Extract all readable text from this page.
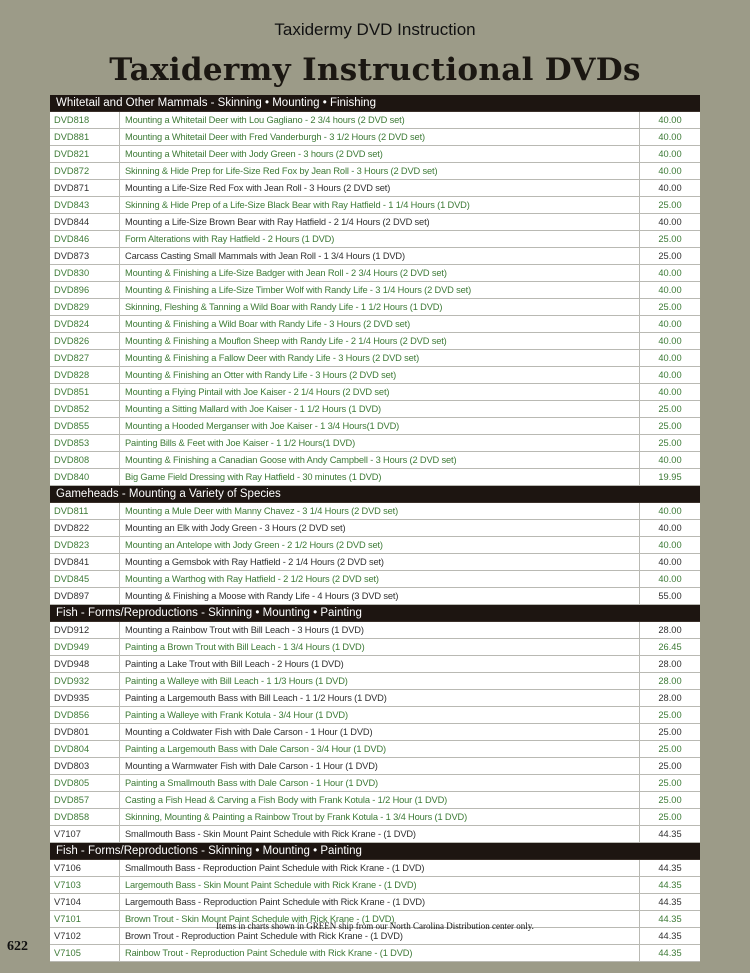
Taxidermy DVD Instruction
Taxidermy Instructional DVDs
Whitetail and Other Mammals - Skinning • Mounting • Finishing
DVD818	Mounting a Whitetail Deer with Lou Gagliano - 2 3/4 hours (2 DVD set)	40.00
DVD881	Mounting a Whitetail Deer with Fred Vanderburgh - 3 1/2 Hours (2 DVD set)	40.00
DVD821	Mounting a Whitetail Deer with Jody Green - 3 hours (2 DVD set)	40.00
DVD872	Skinning & Hide Prep for Life-Size Red Fox by Jean Roll - 3 Hours (2 DVD set)	40.00
DVD871	Mounting a Life-Size Red Fox with Jean Roll - 3 Hours (2 DVD set)	40.00
DVD843	Skinning & Hide Prep of a Life-Size Black Bear with Ray Hatfield - 1 1/4 Hours (1 DVD)	25.00
DVD844	Mounting a Life-Size Brown Bear with Ray Hatfield - 2 1/4 Hours (2 DVD set)	40.00
DVD846	Form Alterations with Ray Hatfield - 2 Hours (1 DVD)	25.00
DVD873	Carcass Casting Small Mammals with Jean Roll - 1 3/4 Hours (1 DVD)	25.00
DVD830	Mounting & Finishing a Life-Size Badger with Jean Roll - 2 3/4 Hours (2 DVD set)	40.00
DVD896	Mounting & Finishing a Life-Size Timber Wolf with Randy Life - 3 1/4 Hours (2 DVD set)	40.00
DVD829	Skinning, Fleshing & Tanning a Wild Boar with Randy Life - 1 1/2 Hours (1 DVD)	25.00
DVD824	Mounting & Finishing a Wild Boar with Randy Life - 3 Hours (2 DVD set)	40.00
DVD826	Mounting & Finishing a Mouflon Sheep with Randy Life - 2 1/4 Hours (2 DVD set)	40.00
DVD827	Mounting & Finishing a Fallow Deer with Randy Life - 3 Hours (2 DVD set)	40.00
DVD828	Mounting & Finishing an Otter with Randy Life - 3 Hours (2 DVD set)	40.00
DVD851	Mounting a Flying Pintail with Joe Kaiser - 2 1/4 Hours (2 DVD set)	40.00
DVD852	Mounting a Sitting Mallard with Joe Kaiser - 1 1/2 Hours (1 DVD)	25.00
DVD855	Mounting a Hooded Merganser with Joe Kaiser - 1 3/4 Hours(1 DVD)	25.00
DVD853	Painting Bills & Feet with Joe Kaiser - 1 1/2 Hours(1 DVD)	25.00
DVD808	Mounting & Finishing a Canadian Goose with Andy Campbell - 3 Hours (2 DVD set)	40.00
DVD840	Big Game Field Dressing with Ray Hatfield - 30 minutes (1 DVD)	19.95
Gameheads - Mounting a Variety of Species
DVD811	Mounting a Mule Deer with Manny Chavez - 3 1/4 Hours (2 DVD set)	40.00
DVD822	Mounting an Elk with Jody Green - 3 Hours (2 DVD set)	40.00
DVD823	Mounting an Antelope with Jody Green - 2 1/2 Hours (2 DVD set)	40.00
DVD841	Mounting a Gemsbok with Ray Hatfield - 2 1/4 Hours (2 DVD set)	40.00
DVD845	Mounting a Warthog with Ray Hatfield - 2 1/2 Hours (2 DVD set)	40.00
DVD897	Mounting & Finishing a Moose with Randy Life - 4 Hours (3 DVD set)	55.00
Fish - Forms/Reproductions - Skinning • Mounting • Painting
DVD912	Mounting a Rainbow Trout with Bill Leach - 3 Hours (1 DVD)	28.00
DVD949	Painting a Brown Trout with Bill Leach - 1 3/4 Hours (1 DVD)	26.45
DVD948	Painting a Lake Trout with Bill Leach - 2 Hours (1 DVD)	28.00
DVD932	Painting a Walleye with Bill Leach - 1 1/3 Hours (1 DVD)	28.00
DVD935	Painting a Largemouth Bass with Bill Leach - 1 1/2 Hours (1 DVD)	28.00
DVD856	Painting a Walleye with Frank Kotula - 3/4 Hour (1 DVD)	25.00
DVD801	Mounting a Coldwater Fish with Dale Carson - 1 Hour (1 DVD)	25.00
DVD804	Painting a Largemouth Bass with Dale Carson - 3/4 Hour (1 DVD)	25.00
DVD803	Mounting a Warmwater Fish with Dale Carson - 1 Hour (1 DVD)	25.00
DVD805	Painting a Smallmouth Bass with Dale Carson - 1 Hour (1 DVD)	25.00
DVD857	Casting a Fish Head & Carving a Fish Body with Frank Kotula - 1/2 Hour (1 DVD)	25.00
DVD858	Skinning, Mounting & Painting a Rainbow Trout by Frank Kotula - 1 3/4 Hours (1 DVD)	25.00
V7107	Smallmouth Bass - Skin Mount Paint Schedule with Rick Krane - (1 DVD)	44.35
Fish - Forms/Reproductions - Skinning • Mounting • Painting
V7106	Smallmouth Bass - Reproduction Paint Schedule with Rick Krane - (1 DVD)	44.35
V7103	Largemouth Bass - Skin Mount Paint Schedule with Rick Krane - (1 DVD)	44.35
V7104	Largemouth Bass - Reproduction Paint Schedule with Rick Krane - (1 DVD)	44.35
V7101	Brown Trout - Skin Mount Paint Schedule with Rick Krane - (1 DVD)	44.35
V7102	Brown Trout - Reproduction Paint Schedule with Rick Krane - (1 DVD)	44.35
V7105	Rainbow Trout - Reproduction Paint Schedule with Rick Krane - (1 DVD)	44.35
Items in charts shown in GREEN ship from our North Carolina Distribution center only.
622
